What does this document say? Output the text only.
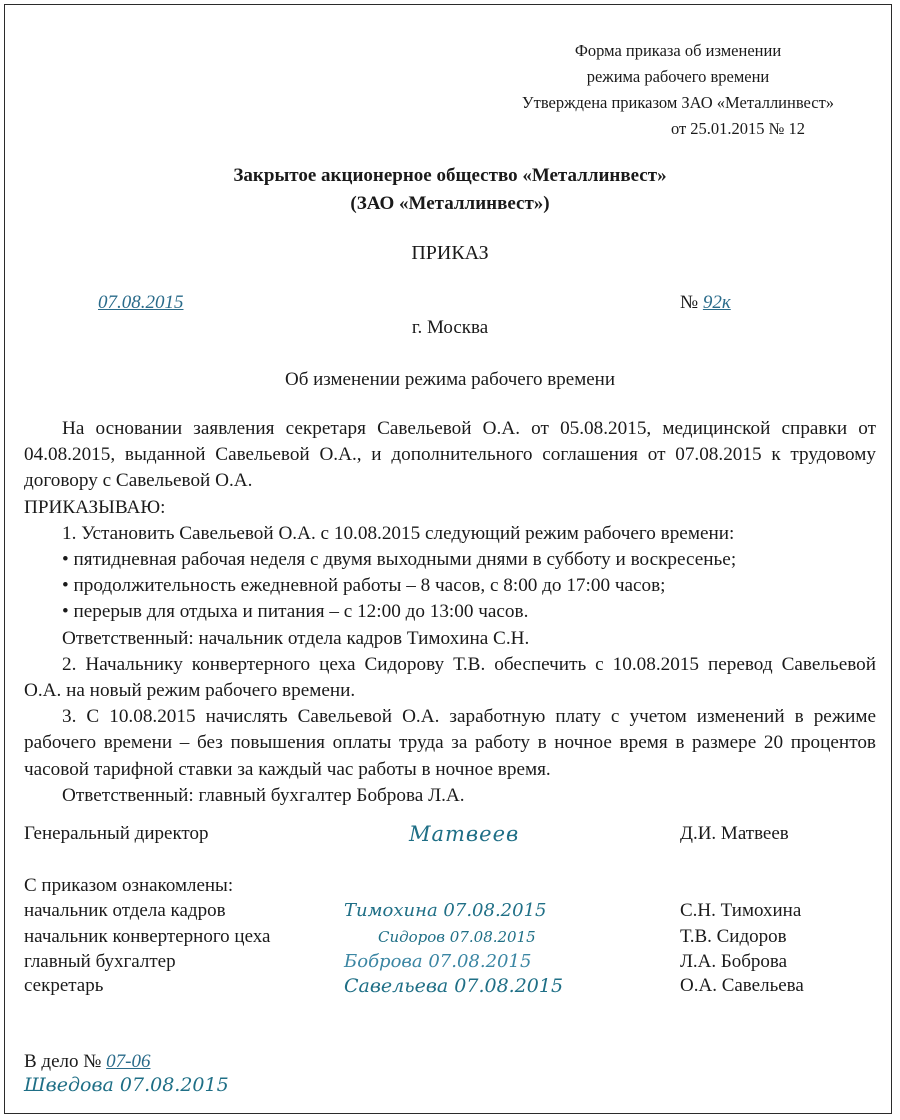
Форма приказа об изменении
режима рабочего времени
Утверждена приказом ЗАО «Металлинвест»
от 25.01.2015 № 12
Закрытое акционерное общество «Металлинвест»
(ЗАО «Металлинвест»)
ПРИКАЗ
07.08.2015	№ 92к
г. Москва
Об изменении режима рабочего времени
На основании заявления секретаря Савельевой О.А. от 05.08.2015, медицинской справки от 04.08.2015, выданной Савельевой О.А., и дополнительного соглашения от 07.08.2015 к трудовому договору с Савельевой О.А.
ПРИКАЗЫВАЮ:
1. Установить Савельевой О.А. с 10.08.2015 следующий режим рабочего времени:
• пятидневная рабочая неделя с двумя выходными днями в субботу и воскресенье;
• продолжительность ежедневной работы – 8 часов, с 8:00 до 17:00 часов;
• перерыв для отдыха и питания – с 12:00 до 13:00 часов.
Ответственный: начальник отдела кадров Тимохина С.Н.
2. Начальнику конвертерного цеха Сидорову Т.В. обеспечить с 10.08.2015 перевод Савельевой О.А. на новый режим рабочего времени.
3. С 10.08.2015 начислять Савельевой О.А. заработную плату с учетом изменений в режиме рабочего времени – без повышения оплаты труда за работу в ночное время в размере 20 процентов часовой тарифной ставки за каждый час работы в ночное время.
Ответственный: главный бухгалтер Боброва Л.А.
Генеральный директор	Матвеев	Д.И. Матвеев
С приказом ознакомлены:
начальник отдела кадров	Тимохина 07.08.2015	С.Н. Тимохина
начальник конвертерного цеха	Сидоров 07.08.2015	Т.В. Сидоров
главный бухгалтер	Боброва 07.08.2015	Л.А. Боброва
секретарь	Савельева 07.08.2015	О.А. Савельева
В дело № 07-06
Шведова 07.08.2015
